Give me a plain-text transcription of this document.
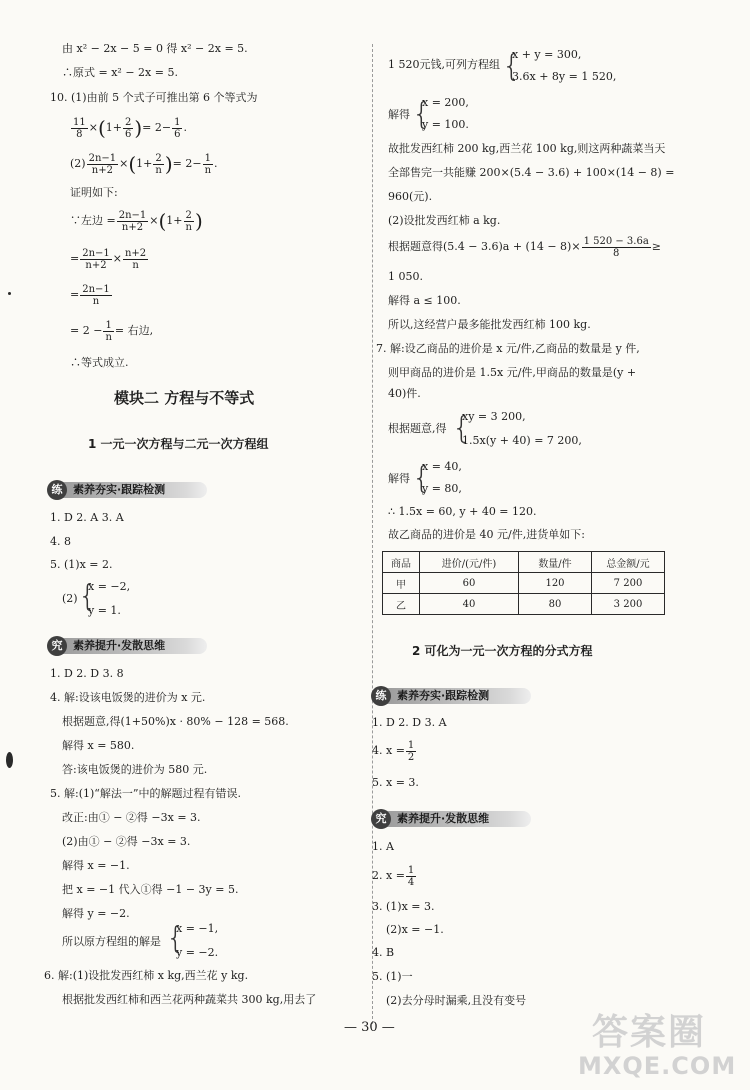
由 x² − 2x − 5 = 0 得 x² − 2x = 5.
∴原式 = x² − 2x = 5.
10. (1)由前 5 个式子可推出第 6 个等式为
$\frac{11}{8} \times(1+ \frac{2}{6}$ )= $2- \frac{1}{6}$ .
$(2) \frac{2n-1}{n+2} \times(1+ \frac{2}{n}$ )= $2- \frac{1}{n}$ .
证明如下:
∵左边 = $\frac{2n-1}{n+2} \times(1+ \frac{2}{n}$ )
= $\frac{2n-1}{n+2} \times \frac{n+2}{n}$
= $\frac{2n-1}{n}$
= $2 - \frac{1}{n}$ = 右边,
∴等式成立.
模块二 方程与不等式
1 一元一次方程与二元一次方程组
练 素养夯实·跟踪检测
1. D 2. A 3. A
4. 8
5. (1)x = 2.
(2) {
x = −2,
y = 1.
究 素养提升·发散思维
1. D 2. D 3. 8
4. 解:设该电饭煲的进价为 x 元.
根据题意,得(1+50%)x · 80% − 128 = 568.
解得 x = 580.
答:该电饭煲的进价为 580 元.
5. 解:(1)“解法一”中的解题过程有错误.
改正:由① − ②得 −3x = 3.
(2)由① − ②得 −3x = 3.
解得 x = −1.
把 x = −1 代入①得 −1 − 3y = 5.
解得 y = −2.
所以原方程组的解是 {
x = −1,
y = −2.
6. 解:(1)设批发西红柿 x kg,西兰花 y kg.
根据批发西红柿和西兰花两种蔬菜共 300 kg,用去了
1 520元钱,可列方程组 {
x + y = 300,
3.6x + 8y = 1 520,
解得 {
x = 200,
y = 100.
故批发西红柿 200 kg,西兰花 100 kg,则这两种蔬菜当天
全部售完一共能赚 200×(5.4 − 3.6) + 100×(14 − 8) =
960(元).
(2)设批发西红柿 a kg.
根据题意得$(5.4 - 3.6)a + (14 - 8)\times \frac{1 520 - 3.6a}{8}$ ≥
1 050.
解得 a ≤ 100.
所以,这经营户最多能批发西红柿 100 kg.
7. 解:设乙商品的进价是 x 元/件,乙商品的数量是 y 件,
则甲商品的进价是 1.5x 元/件,甲商品的数量是(y +
40)件.
根据题意,得 {
xy = 3 200,
1.5x(y + 40) = 7 200,
解得 {
x = 40,
y = 80,
∴ 1.5x = 60, y + 40 = 120.
故乙商品的进价是 40 元/件,进货单如下:
商品	进价/(元/件)	数量/件	总金额/元
甲	60	120	7 200
乙	40	80	3 200
2 可化为一元一次方程的分式方程
练 素养夯实·跟踪检测
1. D 2. D 3. A
4. $x = \frac{1}{2}$
5. x = 3.
究 素养提升·发散思维
1. A
2. $x = \frac{1}{4}$
3. (1)x = 3.
(2)x = −1.
4. B
5. (1)一
(2)去分母时漏乘,且没有变号
— 30 —	答案圈
MXQE.COM
